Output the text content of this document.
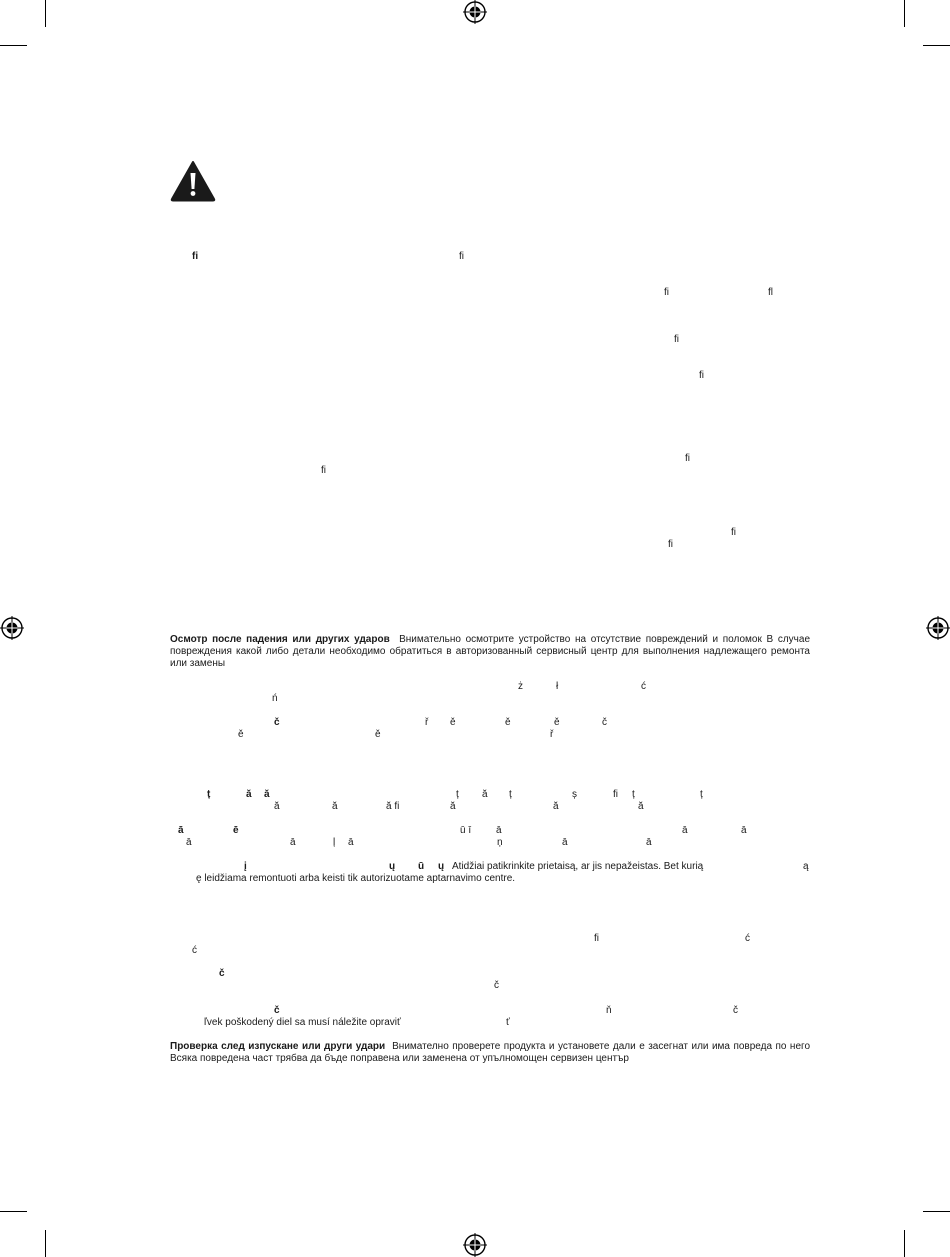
fi	fi
fi	fl
fi
fi
fi
fi
fi
fi
Осмотр после падения или других ударов Внимательно осмотрите устройство на отсутствие повреждений и поломок В случае повреждения какой либо детали необходимо обратиться в авторизованный сервисный центр для выполнения надлежащего ремонта или замены
ż	ł	ć
ń
č	ř ě	ě	ě	č
ě	ě	ř
ț	ă ă	ț ă ț	ș	fi ț	ț
ă	ă	ă fi	ă	ă	ă
ā	ē	ū ī ā	ā	ā
ā	ā	ļ ā	ņ	ā	ā
į	ų ū ų Atidžiai patikrinkite prietaisą, ar jis nepažeistas. Bet kurią	ą
ę leidžiama remontuoti arba keisti tik autorizuotame aptarnavimo centre.
fi	ć
ć
č
č
č	ň	č
ľvek poškodený diel sa musí náležite opraviť	ť
Проверка след изпускане или други удари Внимателно проверете продукта и установете дали е засегнат или има повреда по него Всяка повредена част трябва да бъде поправена или заменена от упълномощен сервизен център
